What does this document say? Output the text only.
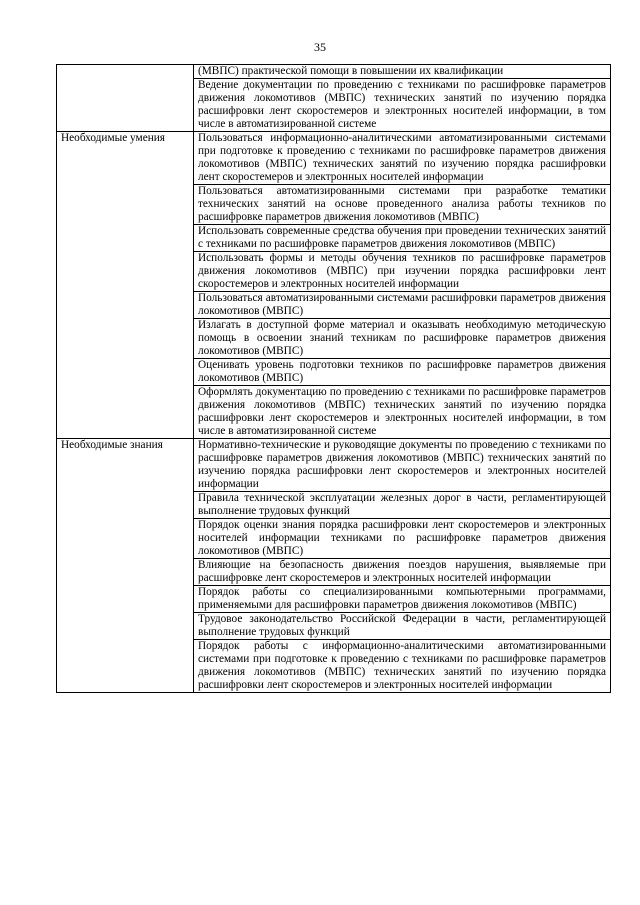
35
	(МВПС) практической помощи в повышении их квалификации
	Ведение документации по проведению с техниками по расшифровке параметров движения локомотивов (МВПС) технических занятий по изучению порядка расшифровки лент скоростемеров и электронных носителей информации, в том числе в автоматизированной системе
Необходимые умения	Пользоваться информационно-аналитическими автоматизированными системами при подготовке к проведению с техниками по расшифровке параметров движения локомотивов (МВПС) технических занятий по изучению порядка расшифровки лент скоростемеров и электронных носителей информации
	Пользоваться автоматизированными системами при разработке тематики технических занятий на основе проведенного анализа работы техников по расшифровке параметров движения локомотивов (МВПС)
	Использовать современные средства обучения при проведении технических занятий с техниками по расшифровке параметров движения локомотивов (МВПС)
	Использовать формы и методы обучения техников по расшифровке параметров движения локомотивов (МВПС) при изучении порядка расшифровки лент скоростемеров и электронных носителей информации
	Пользоваться автоматизированными системами расшифровки параметров движения локомотивов (МВПС)
	Излагать в доступной форме материал и оказывать необходимую методическую помощь в освоении знаний техникам по расшифровке параметров движения локомотивов (МВПС)
	Оценивать уровень подготовки техников по расшифровке параметров движения локомотивов (МВПС)
	Оформлять документацию по проведению с техниками по расшифровке параметров движения локомотивов (МВПС) технических занятий по изучению порядка расшифровки лент скоростемеров и электронных носителей информации, в том числе в автоматизированной системе
Необходимые знания	Нормативно-технические и руководящие документы по проведению с техниками по расшифровке параметров движения локомотивов (МВПС) технических занятий по изучению порядка расшифровки лент скоростемеров и электронных носителей информации
	Правила технической эксплуатации железных дорог в части, регламентирующей выполнение трудовых функций
	Порядок оценки знания порядка расшифровки лент скоростемеров и электронных носителей информации техниками по расшифровке параметров движения локомотивов (МВПС)
	Влияющие на безопасность движения поездов нарушения, выявляемые при расшифровке лент скоростемеров и электронных носителей информации
	Порядок работы со специализированными компьютерными программами, применяемыми для расшифровки параметров движения локомотивов (МВПС)
	Трудовое законодательство Российской Федерации в части, регламентирующей выполнение трудовых функций
	Порядок работы с информационно-аналитическими автоматизированными системами при подготовке к проведению с техниками по расшифровке параметров движения локомотивов (МВПС) технических занятий по изучению порядка расшифровки лент скоростемеров и электронных носителей информации
